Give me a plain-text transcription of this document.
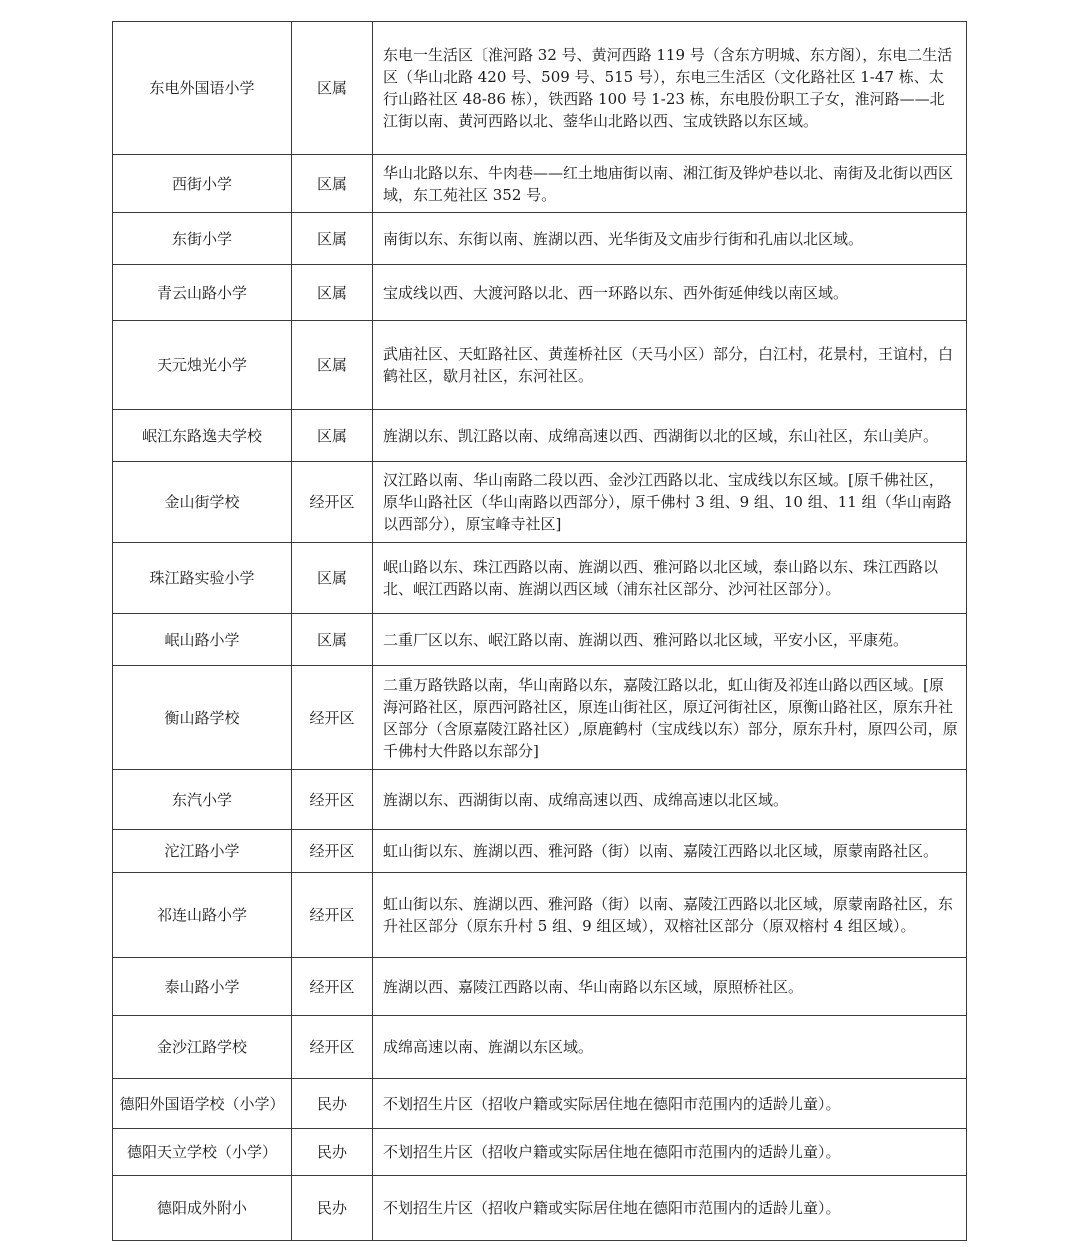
东电外国语小学	区属	东电一生活区〔淮河路 32 号、黄河西路 119 号（含东方明城、东方阁），东电二生活区（华山北路 420 号、509 号、515 号），东电三生活区（文化路社区 1-47 栋、太行山路社区 48-86 栋），铁西路 100 号 1-23 栋，东电股份职工子女，淮河路——北江街以南、黄河西路以北、蓥华山北路以西、宝成铁路以东区域。
西街小学	区属	华山北路以东、牛肉巷——红土地庙街以南、湘江街及铧炉巷以北、南街及北街以西区域，东工苑社区 352 号。
东街小学	区属	南街以东、东街以南、旌湖以西、光华街及文庙步行街和孔庙以北区域。
青云山路小学	区属	宝成线以西、大渡河路以北、西一环路以东、西外街延伸线以南区域。
天元烛光小学	区属	武庙社区、天虹路社区、黄莲桥社区（天马小区）部分，白江村，花景村，王谊村，白鹤社区，歇月社区，东河社区。
岷江东路逸夫学校	区属	旌湖以东、凯江路以南、成绵高速以西、西湖街以北的区域，东山社区，东山美庐。
金山街学校	经开区	汉江路以南、华山南路二段以西、金沙江西路以北、宝成线以东区域。[原千佛社区，原华山路社区（华山南路以西部分），原千佛村 3 组、9 组、10 组、11 组（华山南路以西部分），原宝峰寺社区]
珠江路实验小学	区属	岷山路以东、珠江西路以南、旌湖以西、雅河路以北区域，泰山路以东、珠江西路以北、岷江西路以南、旌湖以西区域（浦东社区部分、沙河社区部分）。
岷山路小学	区属	二重厂区以东、岷江路以南、旌湖以西、雅河路以北区域，平安小区，平康苑。
衡山路学校	经开区	二重万路铁路以南，华山南路以东，嘉陵江路以北，虹山街及祁连山路以西区域。[原海河路社区，原西河路社区，原连山街社区，原辽河街社区，原衡山路社区，原东升社区部分（含原嘉陵江路社区）,原鹿鹤村（宝成线以东）部分，原东升村，原四公司，原千佛村大件路以东部分]
东汽小学	经开区	旌湖以东、西湖街以南、成绵高速以西、成绵高速以北区域。
沱江路小学	经开区	虹山街以东、旌湖以西、雅河路（街）以南、嘉陵江西路以北区域，原蒙南路社区。
祁连山路小学	经开区	虹山街以东、旌湖以西、雅河路（街）以南、嘉陵江西路以北区域，原蒙南路社区，东升社区部分（原东升村 5 组、9 组区域），双榕社区部分（原双榕村 4 组区域）。
泰山路小学	经开区	旌湖以西、嘉陵江西路以南、华山南路以东区域，原照桥社区。
金沙江路学校	经开区	成绵高速以南、旌湖以东区域。
德阳外国语学校（小学）	民办	不划招生片区（招收户籍或实际居住地在德阳市范围内的适龄儿童）。
德阳天立学校（小学）	民办	不划招生片区（招收户籍或实际居住地在德阳市范围内的适龄儿童）。
德阳成外附小	民办	不划招生片区（招收户籍或实际居住地在德阳市范围内的适龄儿童）。
